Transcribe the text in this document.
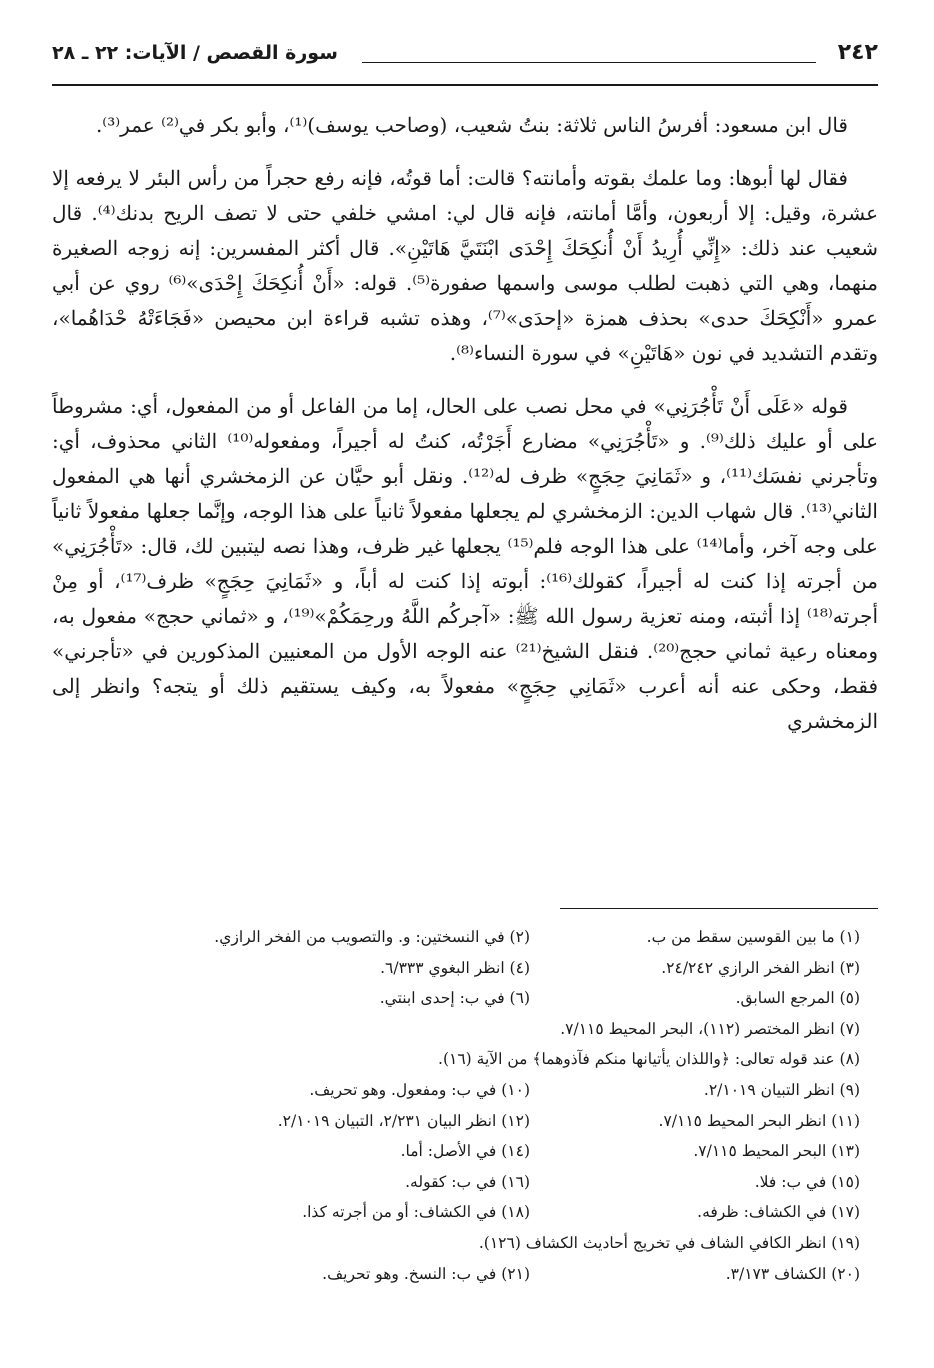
٢٤٢
سورة القصص / الآيات: ٢٢ ـ ٢٨

قال ابن مسعود: أفرسُ الناس ثلاثة: بنتُ شعيب، (وصاحب يوسف)⁽¹⁾، وأبو بكر في⁽²⁾ عمر⁽³⁾.

فقال لها أبوها: وما علمك بقوته وأمانته؟ قالت: أما قوتُه، فإنه رفع حجراً من رأس البئر لا يرفعه إلا عشرة، وقيل: إلا أربعون، وأمَّا أمانته، فإنه قال لي: امشي خلفي حتى لا تصف الريح بدنك⁽⁴⁾. قال شعيب عند ذلك: «إِنِّي أُرِيدُ أَنْ أُنكِحَكَ إِحْدَى ابْنَتَيَّ هَاتَيْنِ». قال أكثر المفسرين: إنه زوجه الصغيرة منهما، وهي التي ذهبت لطلب موسى واسمها صفورة⁽⁵⁾. قوله: «أَنْ أُنكِحَكَ إِحْدَى»⁽⁶⁾ روي عن أبي عمرو «أَنْكِحَكَ حدى» بحذف همزة «إحدَى»⁽⁷⁾، وهذه تشبه قراءة ابن محيصن «فَجَاءَتْهُ حْدَاهُما»، وتقدم التشديد في نون «هَاتَيْنِ» في سورة النساء⁽⁸⁾.

قوله «عَلَى أَنْ تَأْجُرَنِي» في محل نصب على الحال، إما من الفاعل أو من المفعول، أي: مشروطاً على أو عليك ذلك⁽⁹⁾. و «تَأْجُرَنِي» مضارع أَجَرْتُه، كنتُ له أجيراً، ومفعوله⁽¹⁰⁾ الثاني محذوف، أي: وتأجرني نفسَك⁽¹¹⁾، و «ثَمَانِيَ حِجَجٍ» ظرف له⁽¹²⁾. ونقل أبو حيَّان عن الزمخشري أنها هي المفعول الثاني⁽¹³⁾. قال شهاب الدين: الزمخشري لم يجعلها مفعولاً ثانياً على هذا الوجه، وإنَّما جعلها مفعولاً ثانياً على وجه آخر، وأما⁽¹⁴⁾ على هذا الوجه فلم⁽¹⁵⁾ يجعلها غير ظرف، وهذا نصه ليتبين لك، قال: «تَأْجُرَنِي» من أجرته إذا كنت له أجيراً، كقولك⁽¹⁶⁾: أبوته إذا كنت له أباً، و «ثَمَانِيَ حِجَجٍ» ظرف⁽¹⁷⁾، أو مِنْ أجرته⁽¹⁸⁾ إذا أثبته، ومنه تعزية رسول الله ﷺ: «آجركُم اللَّهُ ورحِمَكُمْ»⁽¹⁹⁾، و «ثماني حجج» مفعول به، ومعناه رعية ثماني حجج⁽²⁰⁾. فنقل الشيخ⁽²¹⁾ عنه الوجه الأول من المعنيين المذكورين في «تأجرني» فقط، وحكى عنه أنه أعرب «ثَمَانِي حِجَجٍ» مفعولاً به، وكيف يستقيم ذلك أو يتجه؟ وانظر إلى الزمخشري

(١) ما بين القوسين سقط من ب.
(٢) في النسختين: و. والتصويب من الفخر الرازي.
(٣) انظر الفخر الرازي ٢٤/٢٤٢.
(٤) انظر البغوي ٦/٣٣٣.
(٥) المرجع السابق.
(٦) في ب: إحدى ابنتي.
(٧) انظر المختصر (١١٢)، البحر المحيط ٧/١١٥.
(٨) عند قوله تعالى: ﴿واللذان يأتيانها منكم فآذوهما﴾ من الآية (١٦).
(٩) انظر التبيان ٢/١٠١٩.
(١٠) في ب: ومفعول. وهو تحريف.
(١١) انظر البحر المحيط ٧/١١٥.
(١٢) انظر البيان ٢/٢٣١، التبيان ٢/١٠١٩.
(١٣) البحر المحيط ٧/١١٥.
(١٤) في الأصل: أما.
(١٥) في ب: فلا.
(١٦) في ب: كقوله.
(١٧) في الكشاف: ظرفه.
(١٨) في الكشاف: أو من أجرته كذا.
(١٩) انظر الكافي الشاف في تخريج أحاديث الكشاف (١٢٦).
(٢٠) الكشاف ٣/١٧٣.
(٢١) في ب: النسخ. وهو تحريف.
